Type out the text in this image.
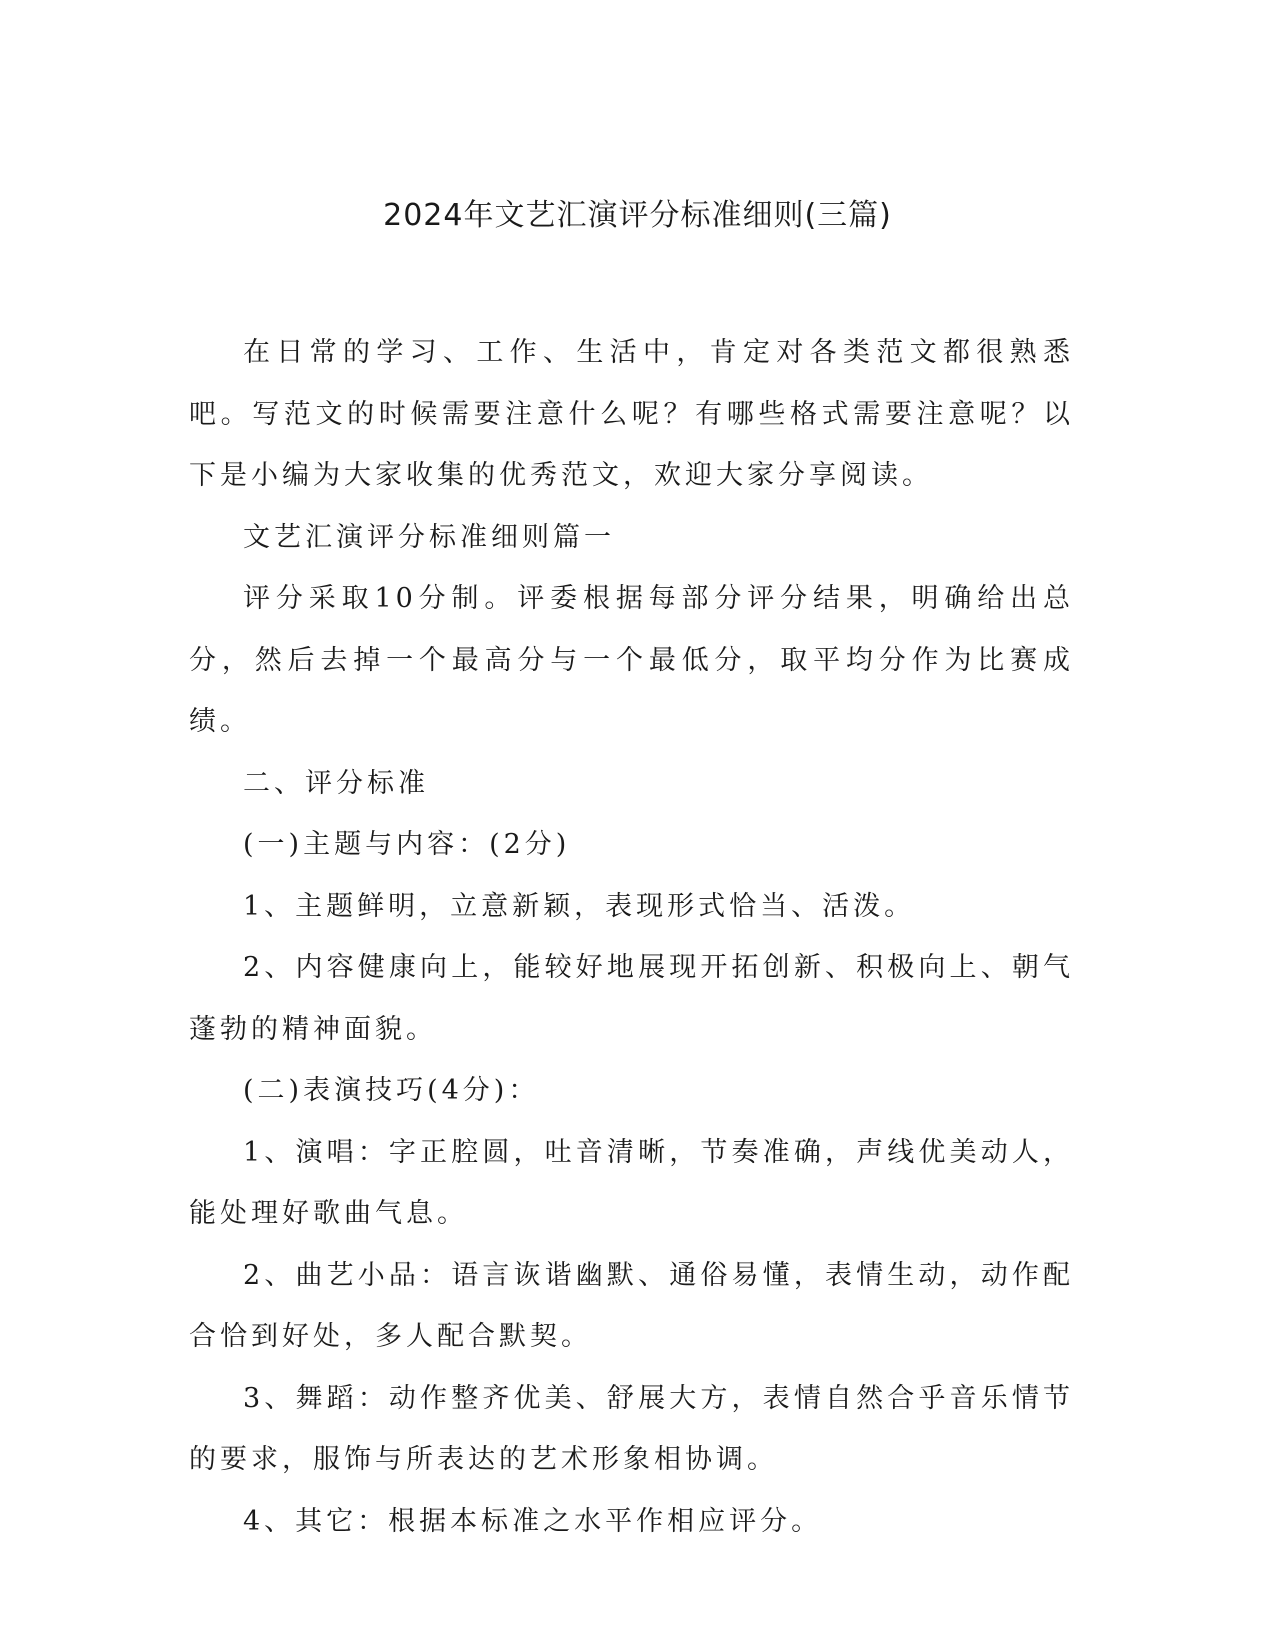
2024年文艺汇演评分标准细则(三篇)

在日常的学习、工作、生活中，肯定对各类范文都很熟悉吧。写范文的时候需要注意什么呢？有哪些格式需要注意呢？以下是小编为大家收集的优秀范文，欢迎大家分享阅读。

文艺汇演评分标准细则篇一

评分采取10分制。评委根据每部分评分结果，明确给出总分，然后去掉一个最高分与一个最低分，取平均分作为比赛成绩。

二、评分标准

(一)主题与内容：(2分)

1、主题鲜明，立意新颖，表现形式恰当、活泼。

2、内容健康向上，能较好地展现开拓创新、积极向上、朝气蓬勃的精神面貌。

(二)表演技巧(4分)：

1、演唱：字正腔圆，吐音清晰，节奏准确，声线优美动人，能处理好歌曲气息。

2、曲艺小品：语言诙谐幽默、通俗易懂，表情生动，动作配合恰到好处，多人配合默契。

3、舞蹈：动作整齐优美、舒展大方，表情自然合乎音乐情节的要求，服饰与所表达的艺术形象相协调。

4、其它：根据本标准之水平作相应评分。
